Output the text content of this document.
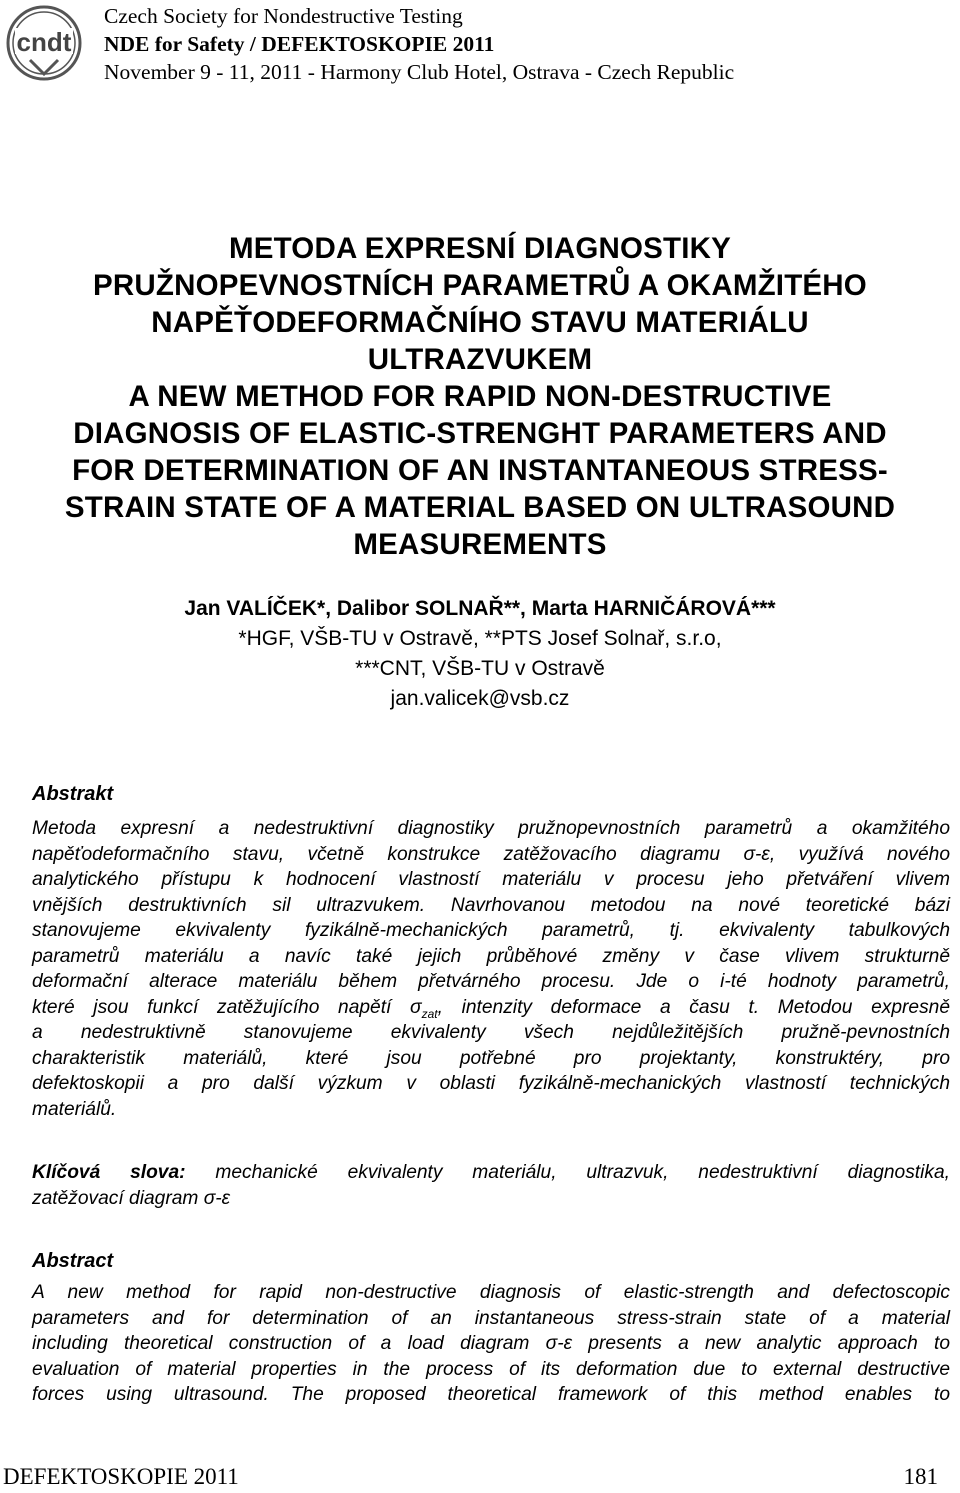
cndt
Czech Society for Nondestructive Testing
NDE for Safety / DEFEKTOSKOPIE 2011
November 9 - 11, 2011 - Harmony Club Hotel, Ostrava - Czech Republic
METODA EXPRESNÍ DIAGNOSTIKY
PRUŽNOPEVNOSTNÍCH PARAMETRŮ A OKAMŽITÉHO
NAPĚŤODEFORMAČNÍHO STAVU MATERIÁLU
ULTRAZVUKEM
A NEW METHOD FOR RAPID NON-DESTRUCTIVE
DIAGNOSIS OF ELASTIC-STRENGHT PARAMETERS AND
FOR DETERMINATION OF AN INSTANTANEOUS STRESS-
STRAIN STATE OF A MATERIAL BASED ON ULTRASOUND
MEASUREMENTS
Jan VALÍČEK*, Dalibor SOLNAŘ**, Marta HARNIČÁROVÁ***
*HGF, VŠB-TU v Ostravě, **PTS Josef Solnař, s.r.o,
***CNT, VŠB-TU v Ostravě
jan.valicek@vsb.cz
Abstrakt
Metoda expresní a nedestruktivní diagnostiky pružnopevnostních parametrů a okamžitého
napěťodeformačního stavu, včetně konstrukce zatěžovacího diagramu σ-ε, využívá nového
analytického přístupu k hodnocení vlastností materiálu v procesu jeho přetváření vlivem
vnějších destruktivních sil ultrazvukem. Navrhovanou metodou na nové teoretické bázi
stanovujeme ekvivalenty fyzikálně-mechanických parametrů, tj. ekvivalenty tabulkových
parametrů materiálu a navíc také jejich průběhové změny v čase vlivem strukturně
deformační alterace materiálu během přetvárného procesu. Jde o i-té hodnoty parametrů,
které jsou funkcí zatěžujícího napětí $\sigma_{zat}$, intenzity deformace a času t. Metodou expresně
a nedestruktivně stanovujeme ekvivalenty všech nejdůležitějších pružně-pevnostních
charakteristik materiálů, které jsou potřebné pro projektanty, konstruktéry, pro
defektoskopii a pro další výzkum v oblasti fyzikálně-mechanických vlastností technických
materiálů.
Klíčová slova: mechanické ekvivalenty materiálu, ultrazvuk, nedestruktivní diagnostika,
zatěžovací diagram σ-ε
Abstract
A new method for rapid non-destructive diagnosis of elastic-strength and defectoscopic
parameters and for determination of an instantaneous stress-strain state of a material
including theoretical construction of a load diagram σ-ε presents a new analytic approach to
evaluation of material properties in the process of its deformation due to external destructive
forces using ultrasound. The proposed theoretical framework of this method enables to
DEFEKTOSKOPIE 2011	181
